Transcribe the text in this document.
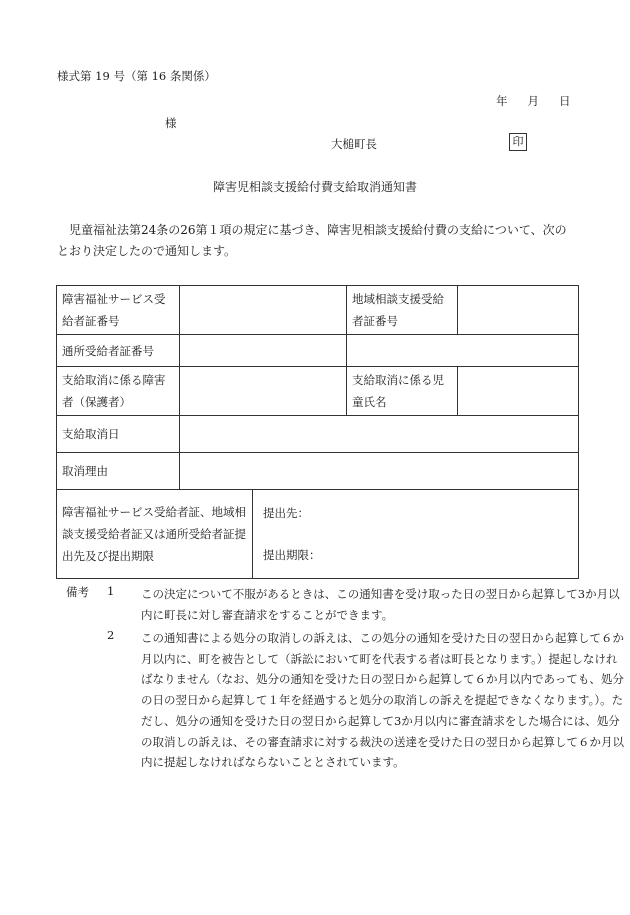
様式第 19 号（第 16 条関係）
年 月 日
様
大槌町長	印
障害児相談支援給付費支給取消通知書
児童福祉法第24条の26第１項の規定に基づき、障害児相談支援給付費の支給について、次のとおり決定したので通知します。
障害福祉サービス受給者証番号			地域相談支援受給者証番号	
通所受給者証番号				
支給取消に係る障害者（保護者）			支給取消に係る児童氏名	
支給取消日				
取消理由				
障害福祉サービス受給者証、地域相談支援受給者証又は通所受給者証提出先及び提出期限		提出先：
提出期限：		
備考 1 この決定について不服があるときは、この通知書を受け取った日の翌日から起算して3か月以内に町長に対し審査請求をすることができます。
2 この通知書による処分の取消しの訴えは、この処分の通知を受けた日の翌日から起算して６か月以内に、町を被告として（訴訟において町を代表する者は町長となります。）提起しなければなりません（なお、処分の通知を受けた日の翌日から起算して６か月以内であっても、処分の日の翌日から起算して１年を経過すると処分の取消しの訴えを提起できなくなります。）。ただし、処分の通知を受けた日の翌日から起算して3か月以内に審査請求をした場合には、処分の取消しの訴えは、その審査請求に対する裁決の送達を受けた日の翌日から起算して６か月以内に提起しなければならないこととされています。
